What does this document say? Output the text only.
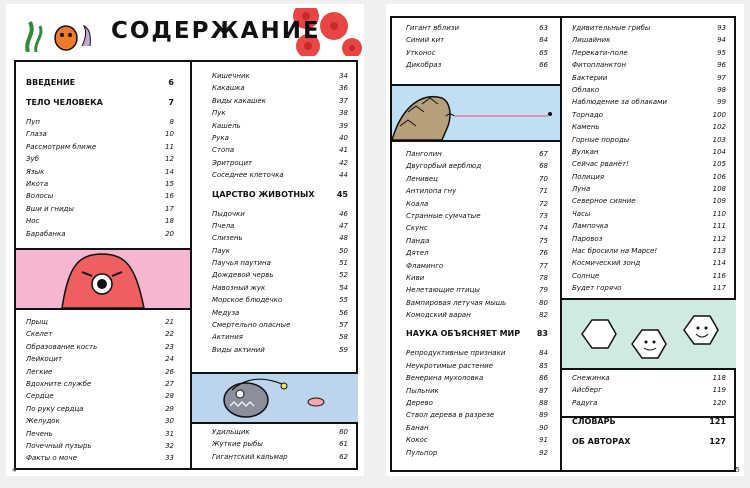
СОДЕРЖАНИЕ
ВВЕДЕНИЕ	6
ТЕЛО ЧЕЛОВЕКА	7
Пуп	8
Глаза	10
Рассмотрим ближе	11
Зуб	12
Язык	14
Икота	15
Волосы	16
Вши и гниды	17
Нос	18
Барабанка	20
Прыщ	21
Скелет	22
Образование кость	23
Лейкоцит	24
Легкие	26
Вдохните службе	27
Сердце	28
По руку сердца	29
Желудок	30
Печень	31
Почечный пузырь	32
Факты о моче	33
Кишечник	34
Какашка	36
Виды какашек	37
Пук	38
Кашель	39
Рука	40
Стопа	41
Эритроцит	42
Соседнее клеточка	44
ЦАРСТВО ЖИВОТНЫХ	45
Пыдочки	46
Пчела	47
Слизень	48
Паук	50
Паучья паутина	51
Дождевой червь	52
Навозный жук	54
Морское блюдечко	55
Медуза	56
Смертельно опасные	57
Актиния	58
Виды актиний	59
Удильщик	60
Жуткие рыбы	61
Гигантский кальмар	62
4
Гигант вблизи	63
Синий кит	64
Утконос	65
Дикобраз	66
Панголин	67
Двугорбый верблюд	68
Ленивец	70
Антилопа гну	71
Коала	72
Странные сумчатые	73
Скунс	74
Панда	75
Дятел	76
Фламинго	77
Киви	78
Нелетающие птицы	79
Вампировая летучая мышь	80
Комодский варан	82
НАУКА ОБЪЯСНЯЕТ МИР 83
Репродуктивные признаки	84
Неукротимые растение	85
Венерина мухоловка	86
Пыльник	87
Дерево	88
Ствол дерева в разрезе	89
Банан	90
Кокос	91
Пульпор	92
Удивительные грибы	93
Лишайник	94
Перекати-поле	95
Фитопланктон	96
Бактерии	97
Облако	98
Наблюдение за облаками	99
Торнадо	100
Камень	102
Горные породы	103
Вулкан	104
Сейчас рванёт!	105
Полиция	106
Луна	108
Северное сияние	109
Часы	110
Лампочка	111
Паровоз	112
Нас бросили на Марсе!	113
Космический зонд	114
Солнце	116
Будет горячо	117
Снежинка	118
Айсберг	119
Радуга	120
СЛОВАРЬ	121
ОБ АВТОРАХ	127
5
